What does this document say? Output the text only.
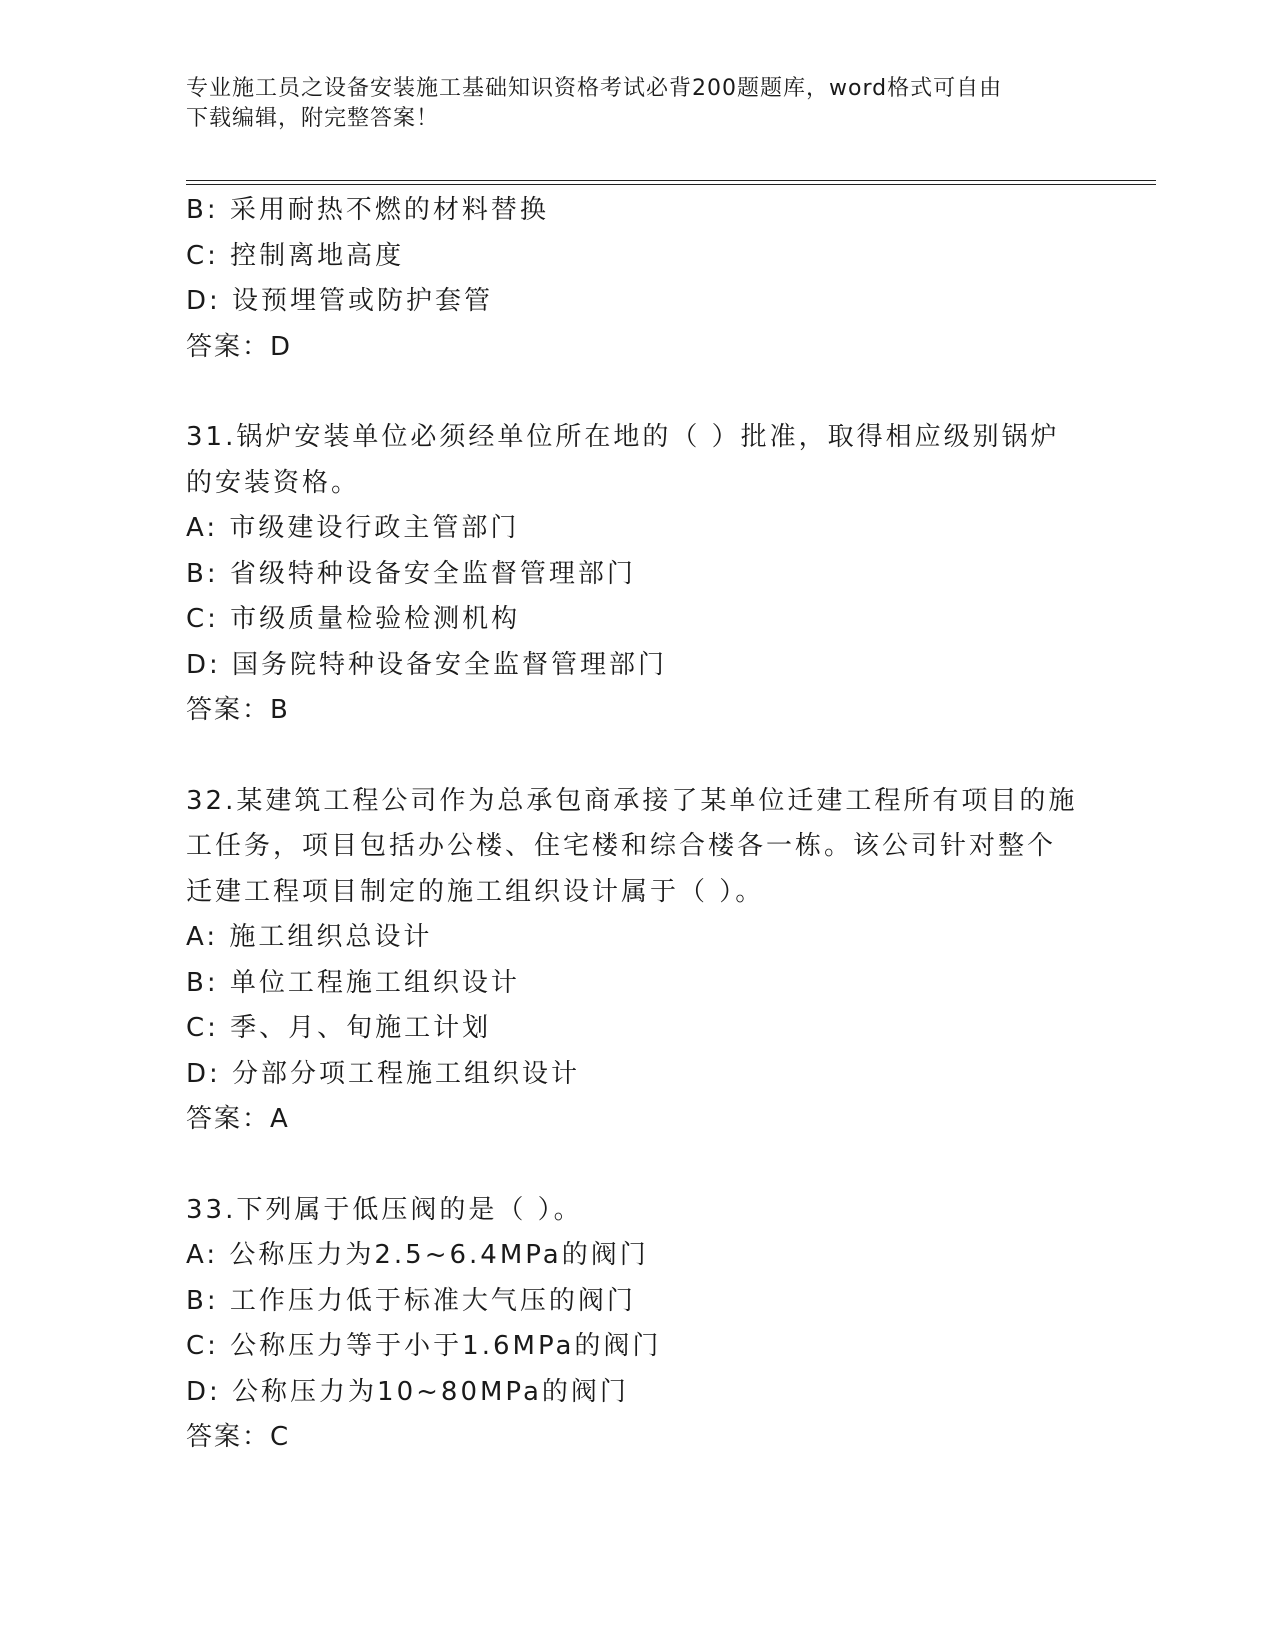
专业施工员之设备安装施工基础知识资格考试必背200题题库，word格式可自由
下载编辑，附完整答案！
B: 采用耐热不燃的材料替换
C: 控制离地高度
D: 设预埋管或防护套管
答案：D
31.锅炉安装单位必须经单位所在地的（ ）批准，取得相应级别锅炉
的安装资格。
A: 市级建设行政主管部门
B: 省级特种设备安全监督管理部门
C: 市级质量检验检测机构
D: 国务院特种设备安全监督管理部门
答案：B
32.某建筑工程公司作为总承包商承接了某单位迁建工程所有项目的施
工任务，项目包括办公楼、住宅楼和综合楼各一栋。该公司针对整个
迁建工程项目制定的施工组织设计属于（ ）。
A: 施工组织总设计
B: 单位工程施工组织设计
C: 季、月、旬施工计划
D: 分部分项工程施工组织设计
答案：A
33.下列属于低压阀的是（ ）。
A: 公称压力为2.5~6.4MPa的阀门
B: 工作压力低于标准大气压的阀门
C: 公称压力等于小于1.6MPa的阀门
D: 公称压力为10~80MPa的阀门
答案：C
